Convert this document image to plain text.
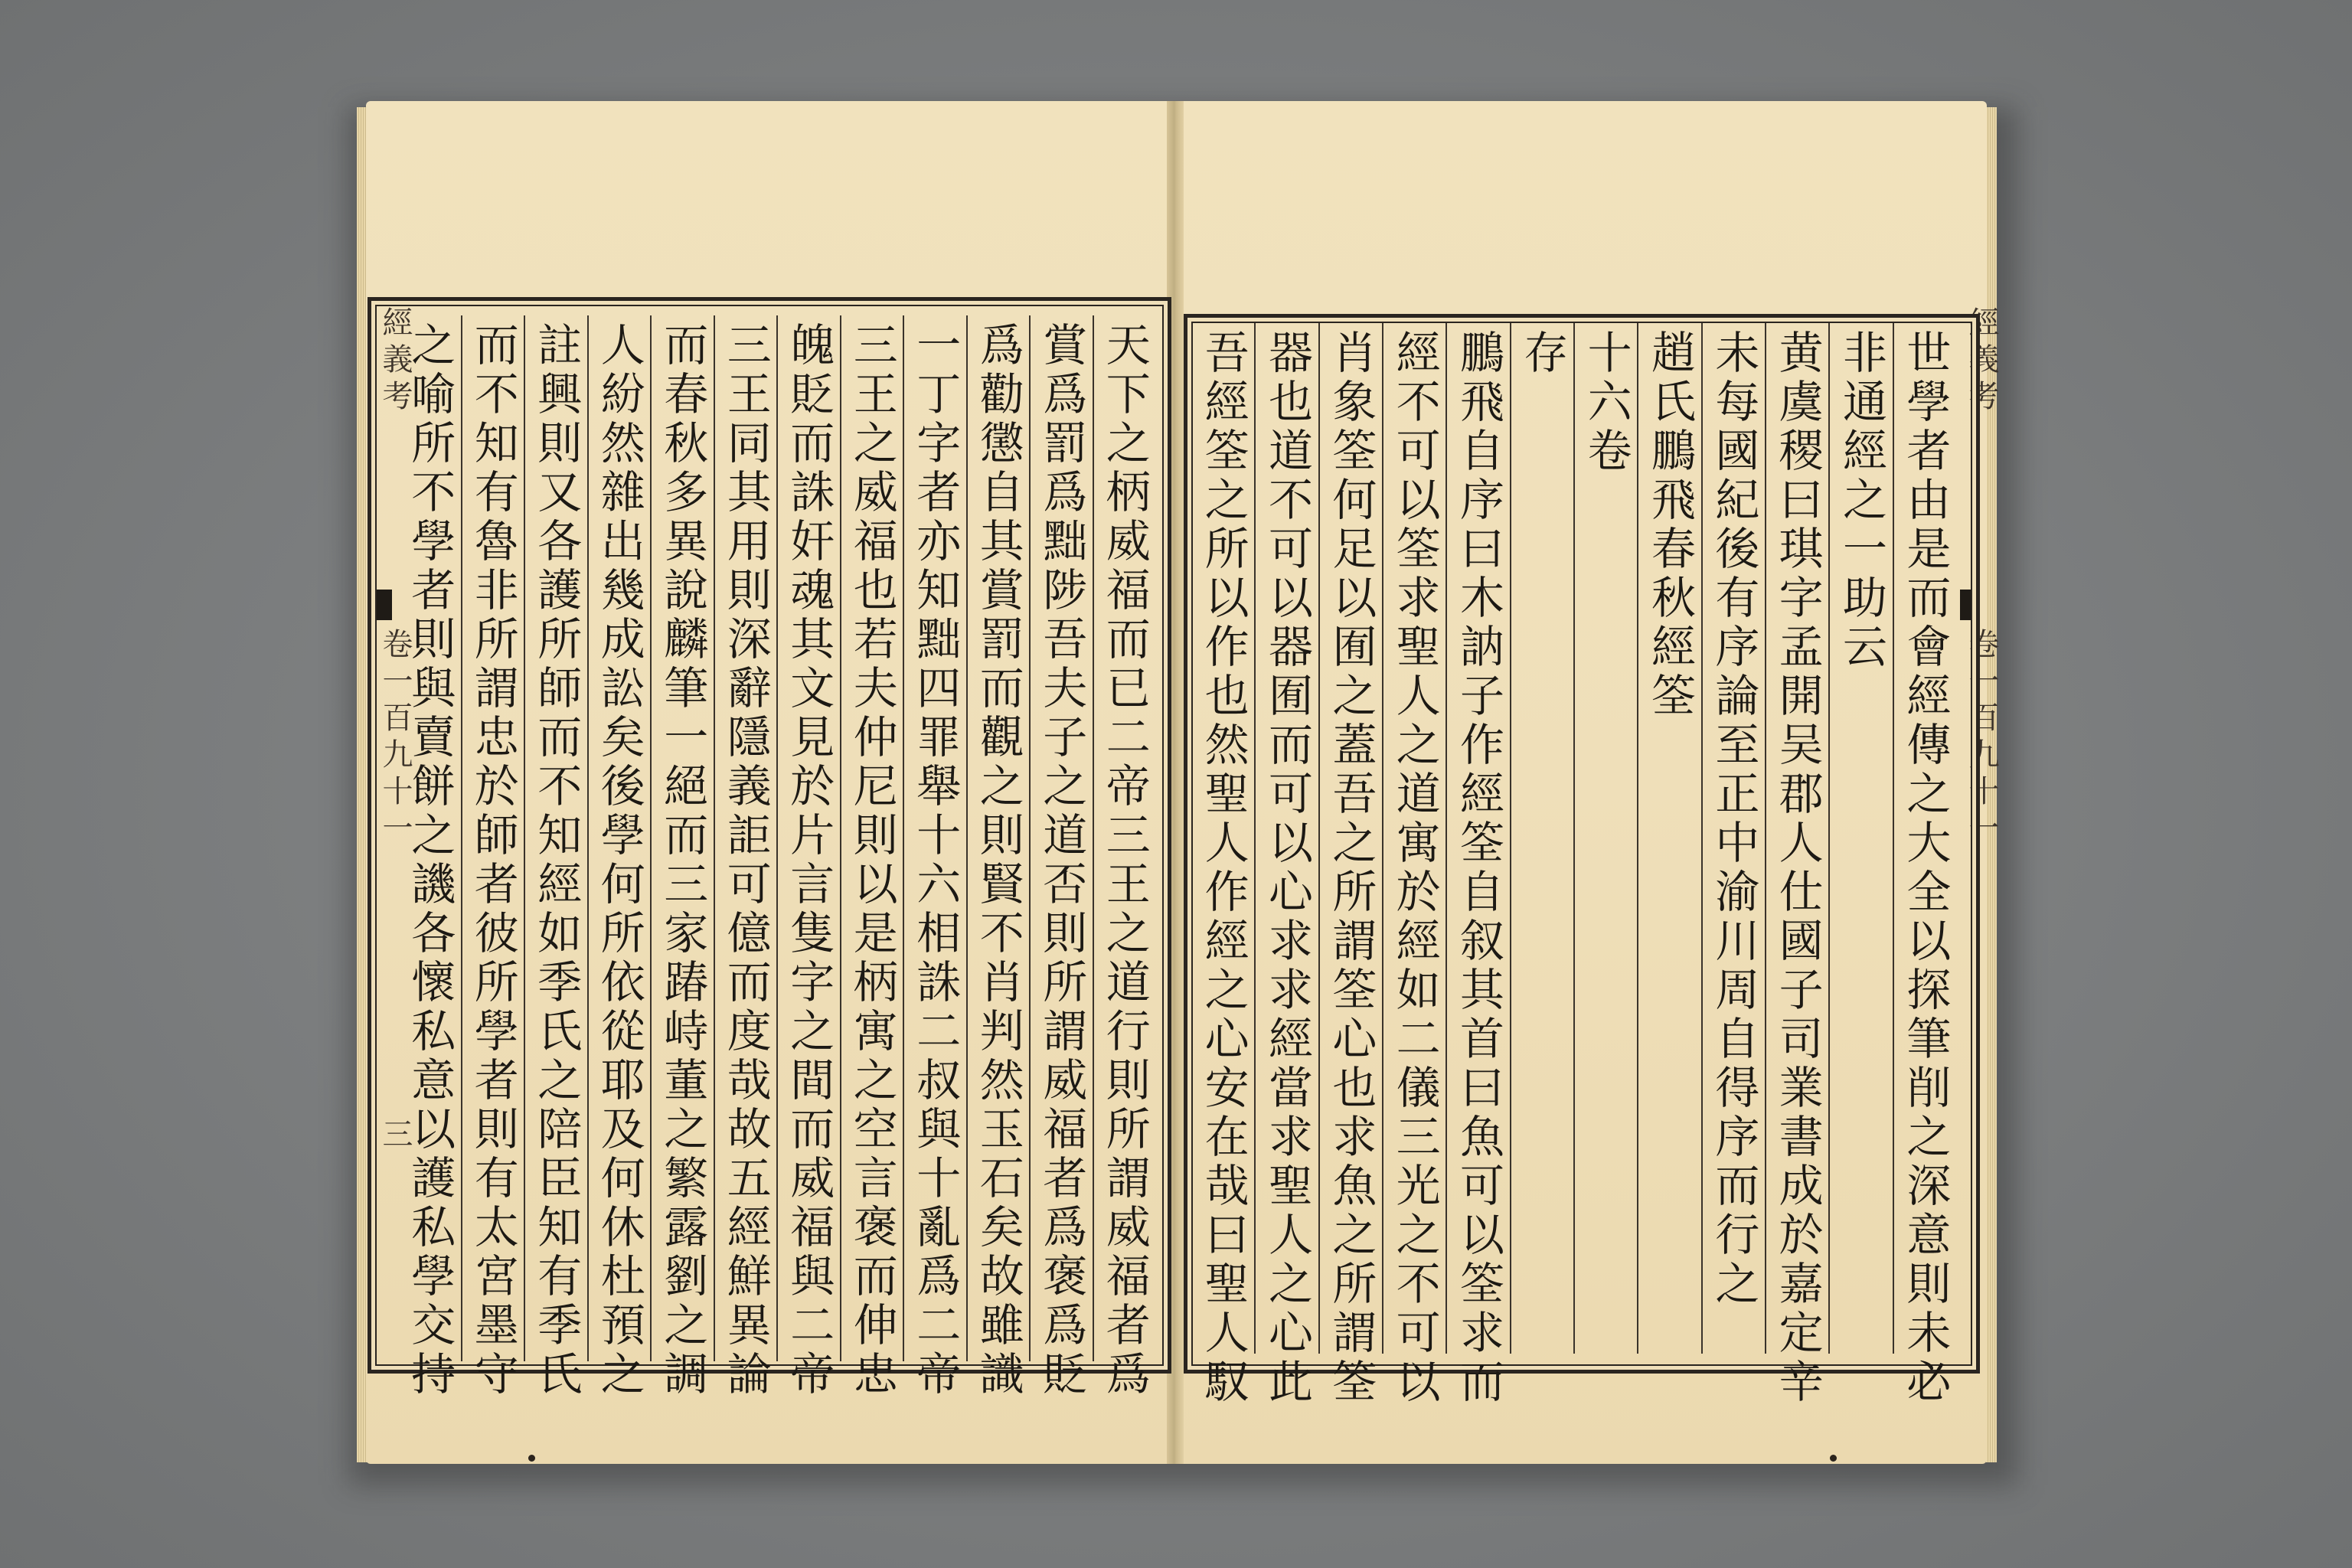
經義考
卷一百九十一
三	天下之柄威福而已二帝三王之道行則所謂威福者爲
賞爲罰爲黜陟吾夫子之道否則所謂威福者爲褒爲貶
爲勸懲自其賞罰而觀之則賢不肖判然玉石矣故雖識
一丁字者亦知黜四罪舉十六相誅二叔與十亂爲二帝
三王之威福也若夫仲尼則以是柄寓之空言褒而伸忠
魄貶而誅奸魂其文見於片言隻字之間而威福與二帝
三王同其用則深辭隱義詎可億而度哉故五經鮮異論
而春秋多異說麟筆一絕而三家踳峙董之繁露劉之調
人紛然雜出幾成訟矣後學何所依從耶及何休杜預之
註興則又各護所師而不知經如季氏之陪臣知有季氏
而不知有魯非所謂忠於師者彼所學者則有太宮墨守
之喻所不學者則與賣餅之譏各懷私意以護私學交持	經義考
卷一百九十一
世學者由是而會經傳之大全以探筆削之深意則未必
非通經之一助云
黄虞稷曰琪字孟開吴郡人仕國子司業書成於嘉定辛
未每國紀後有序論至正中渝川周自得序而行之
趙氏鵬飛春秋經筌
十六卷
存
鵬飛自序曰木訥子作經筌自叙其首曰魚可以筌求而
經不可以筌求聖人之道寓於經如二儀三光之不可以
肖象筌何足以囿之蓋吾之所謂筌心也求魚之所謂筌
器也道不可以器囿而可以心求求經當求聖人之心此
吾經筌之所以作也然聖人作經之心安在哉曰聖人馭
